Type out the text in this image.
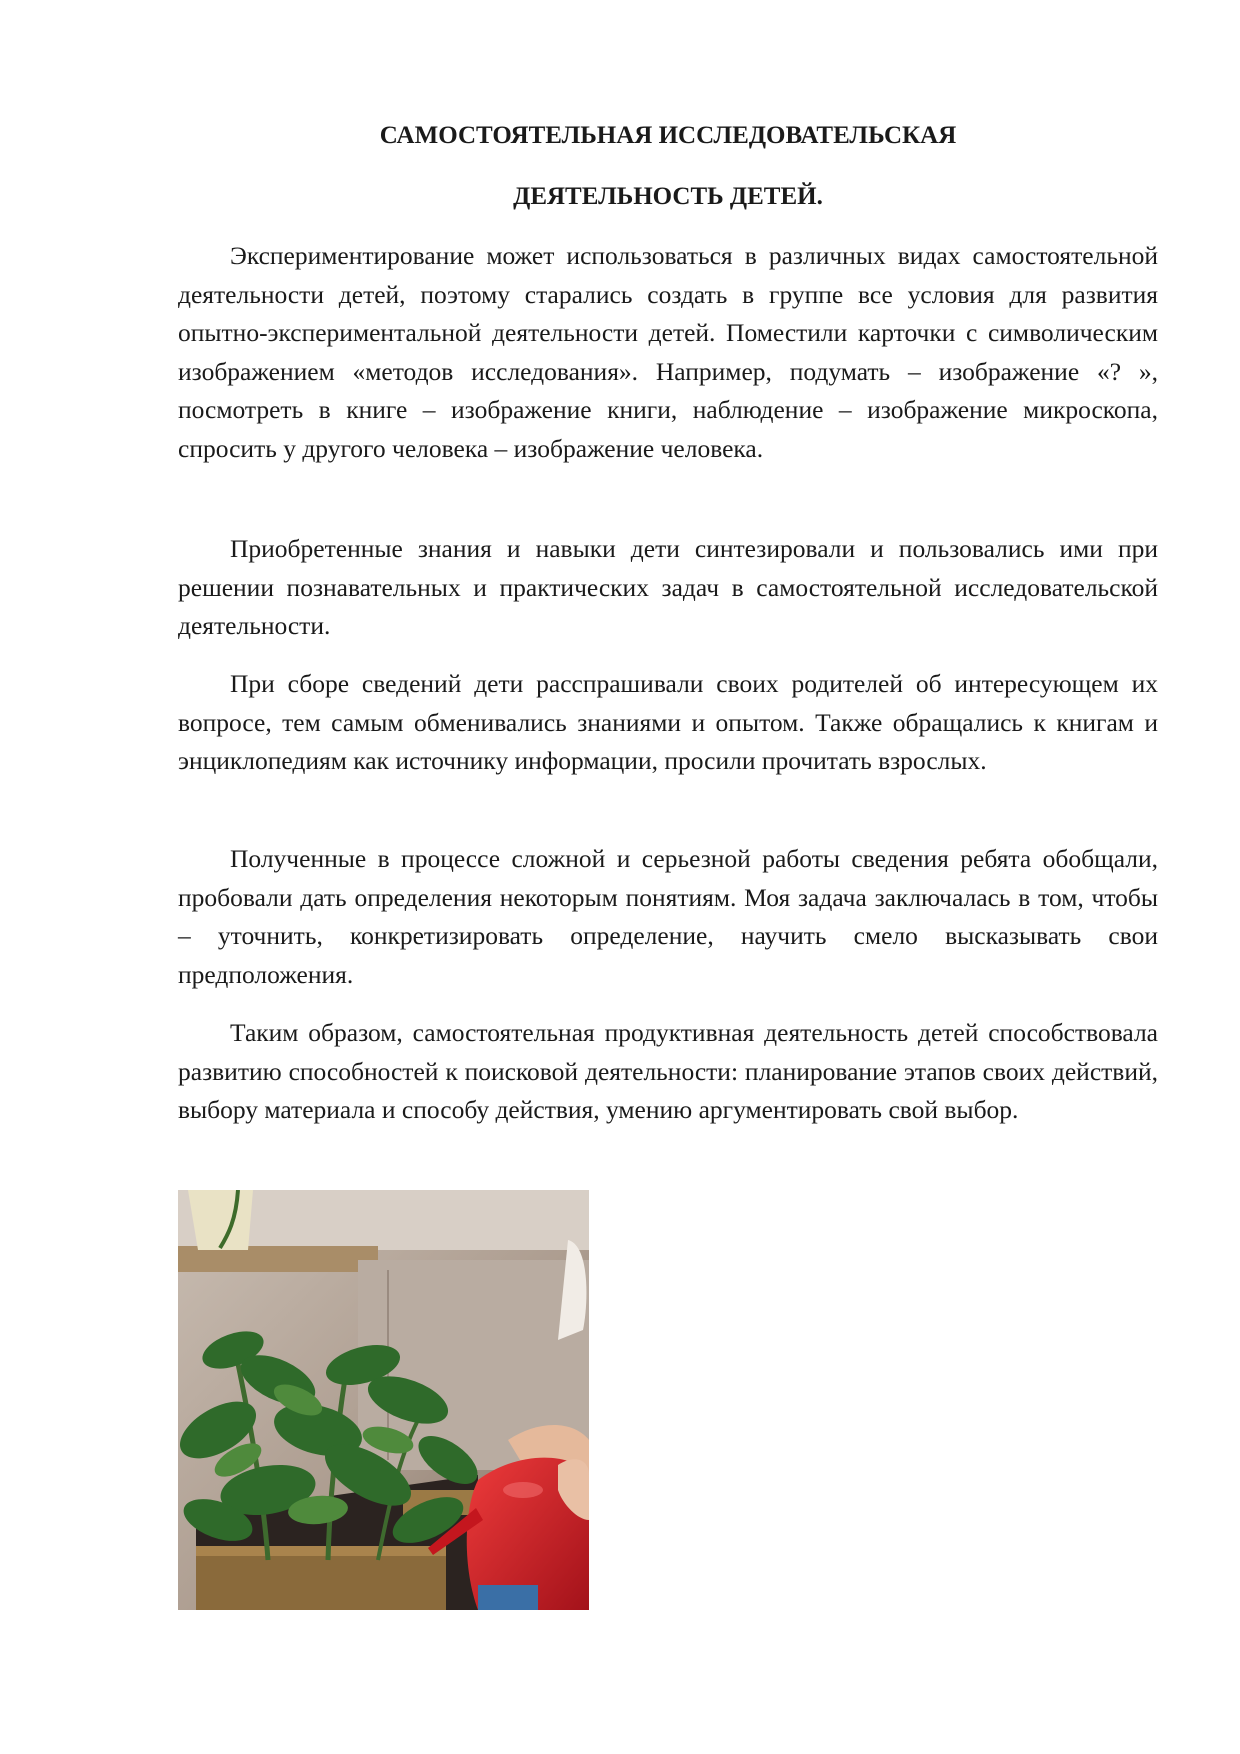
САМОСТОЯТЕЛЬНАЯ ИССЛЕДОВАТЕЛЬСКАЯ
ДЕЯТЕЛЬНОСТЬ ДЕТЕЙ.

Экспериментирование может использоваться в различных видах самостоятельной деятельности детей, поэтому старались создать в группе все условия для развития опытно-экспериментальной деятельности детей. Поместили карточки с символическим изображением «методов исследования». Например, подумать – изображение «? », посмотреть в книге – изображение книги, наблюдение – изображение микроскопа, спросить у другого человека – изображение человека.

Приобретенные знания и навыки дети синтезировали и пользовались ими при решении познавательных и практических задач в самостоятельной исследовательской деятельности.

При сборе сведений дети расспрашивали своих родителей об интересующем их вопросе, тем самым обменивались знаниями и опытом. Также обращались к книгам и энциклопедиям как источнику информации, просили прочитать взрослых.

Полученные в процессе сложной и серьезной работы сведения ребята обобщали, пробовали дать определения некоторым понятиям. Моя задача заключалась в том, чтобы – уточнить, конкретизировать определение, научить смело высказывать свои предположения.

Таким образом, самостоятельная продуктивная деятельность детей способствовала развитию способностей к поисковой деятельности: планирование этапов своих действий, выбору материала и способу действия, умению аргументировать свой выбор.
